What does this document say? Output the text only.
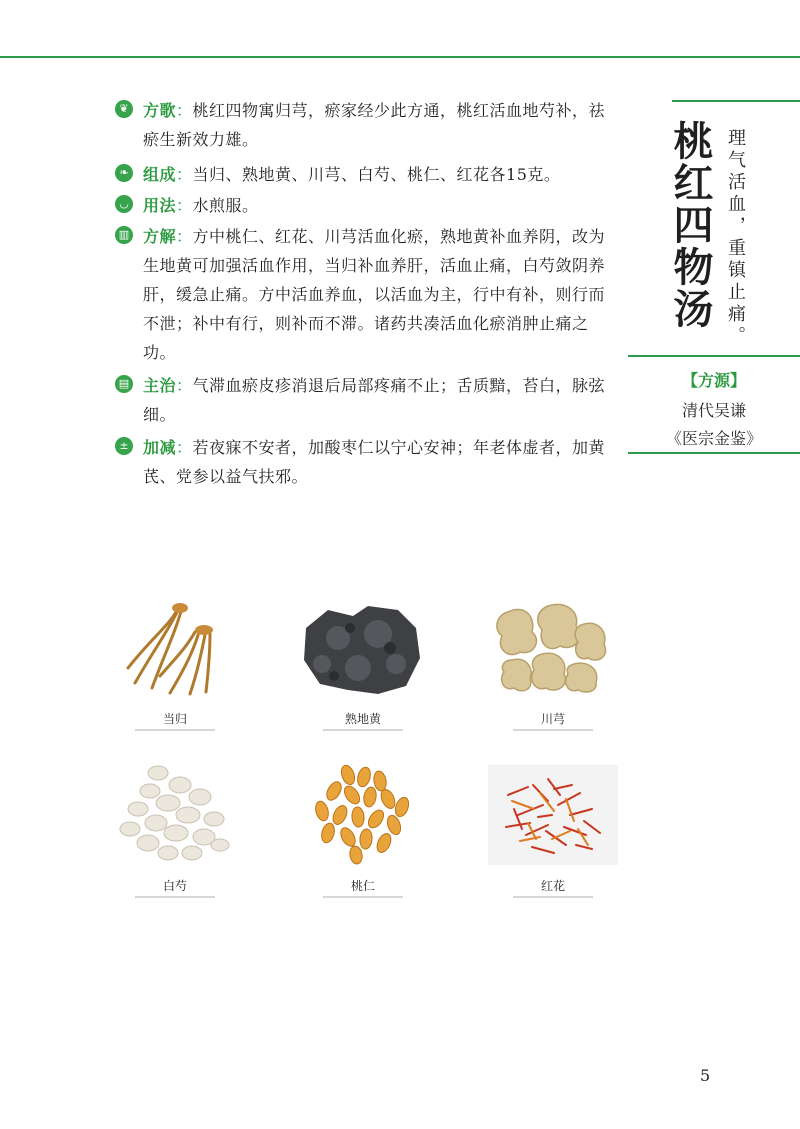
❦ 方歌：桃红四物寓归芎，瘀家经少此方通，桃红活血地芍补，祛瘀生新效力雄。
❧ 组成：当归、熟地黄、川芎、白芍、桃仁、红花各15克。
◡ 用法：水煎服。
▥ 方解：方中桃仁、红花、川芎活血化瘀，熟地黄补血养阴，改为生地黄可加强活血作用，当归补血养肝，活血止痛，白芍敛阴养肝，缓急止痛。方中活血养血，以活血为主，行中有补，则行而不泄；补中有行，则补而不滞。诸药共凑活血化瘀消肿止痛之功。
▤ 主治：气滞血瘀皮疹消退后局部疼痛不止；舌质黯，苔白，脉弦细。
± 加减：若夜寐不安者，加酸枣仁以宁心安神；年老体虚者，加黄芪、党参以益气扶邪。
桃红四物汤 理气活血，重镇止痛。
【方源】
清代吴谦
《医宗金鉴》
当归	熟地黄	川芎
白芍	桃仁	红花
5
